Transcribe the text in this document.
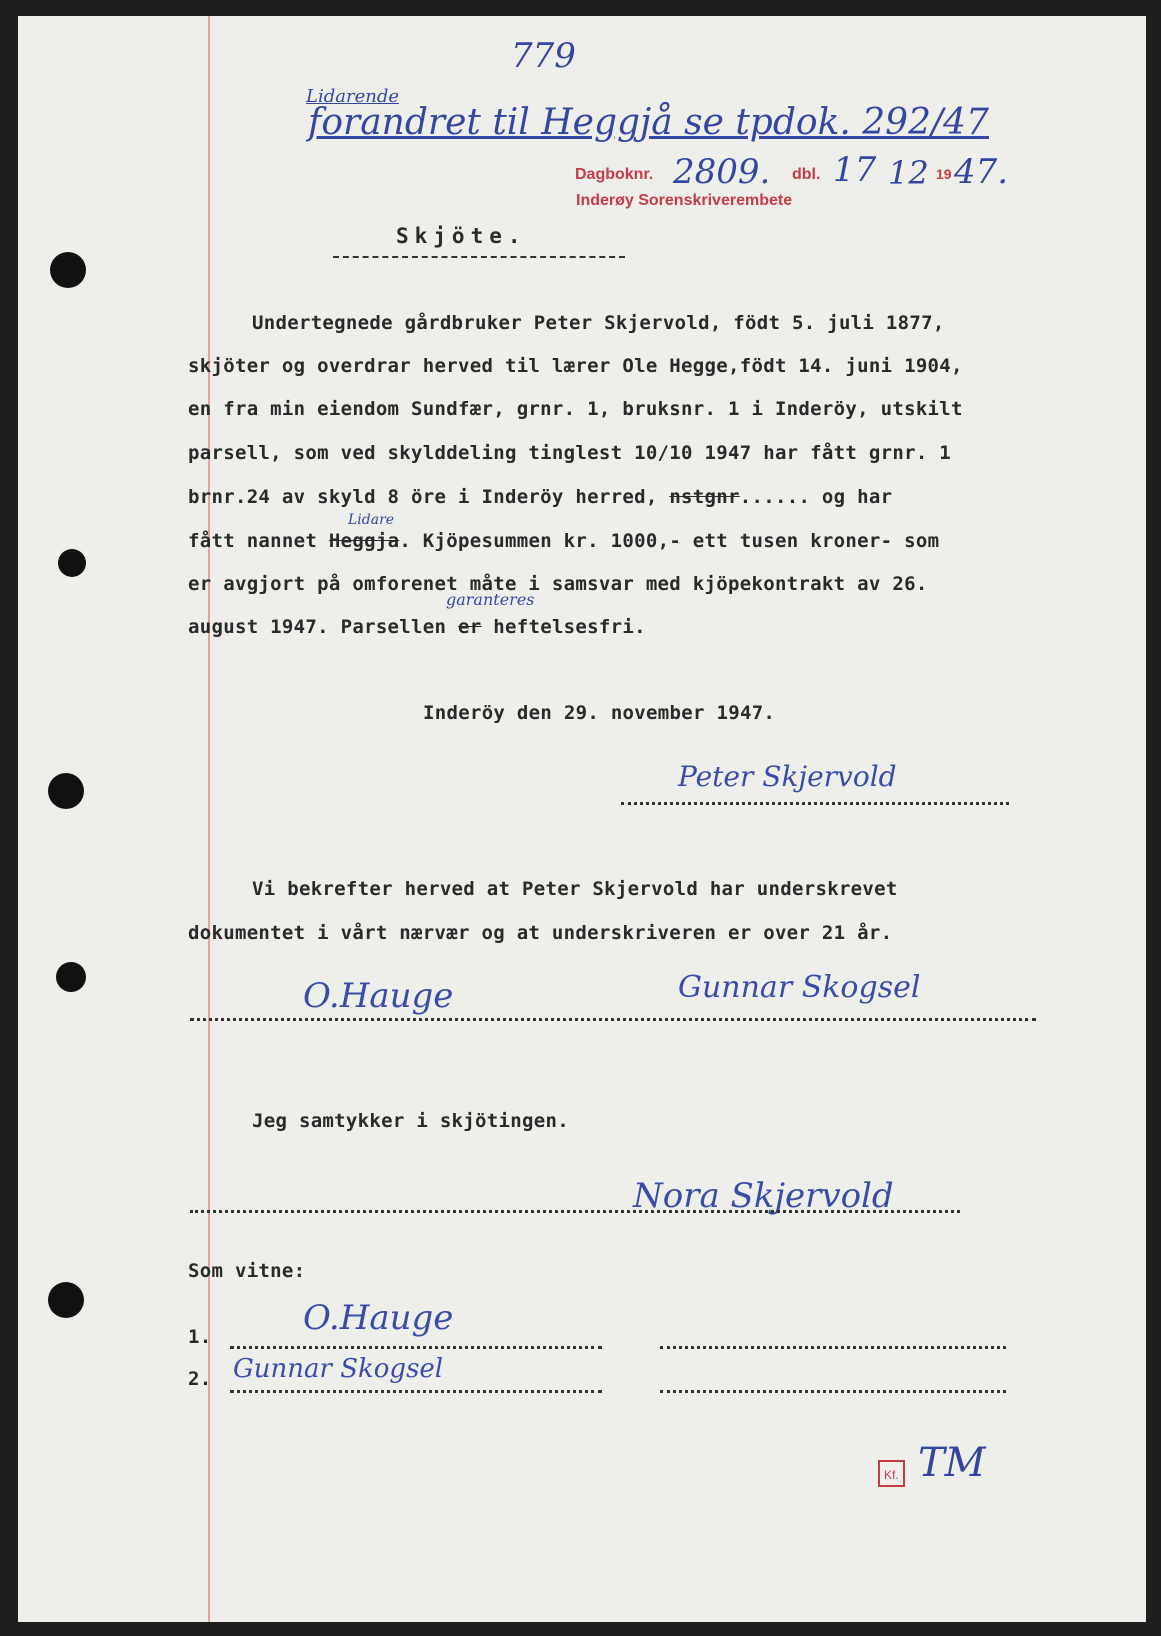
779
Lidarende
forandret til Heggjå se tpdok. 292/47
Dagboknr. 2809. dbl. 17 12 19 47.
Inderøy Sorenskriverembete
Skjöte.
Undertegnede gårdbruker Peter Skjervold, födt 5. juli 1877,
skjöter og overdrar herved til lærer Ole Hegge,födt 14. juni 1904,
en fra min eiendom Sundfær, grnr. 1, bruksnr. 1 i Inderöy, utskilt
parsell, som ved skylddeling tinglest 10/10 1947 har fått grnr. 1
brnr.24 av skyld 8 öre i Inderöy herred, nstgnr...... og har
Lidare
fått nannet Heggja. Kjöpesummen kr. 1000,- ett tusen kroner- som
er avgjort på omforenet måte i samsvar med kjöpekontrakt av 26.
garanteres
august 1947. Parsellen er heftelsesfri.
Inderöy den 29. november 1947.
Peter Skjervold
Vi bekrefter herved at Peter Skjervold har underskrevet
dokumentet i vårt nærvær og at underskriveren er over 21 år.
O.Hauge	Gunnar Skogsel
Jeg samtykker i skjötingen.
Nora Skjervold
Som vitne:
1.	O.Hauge
2. Gunnar Skogsel
Kf. TM
